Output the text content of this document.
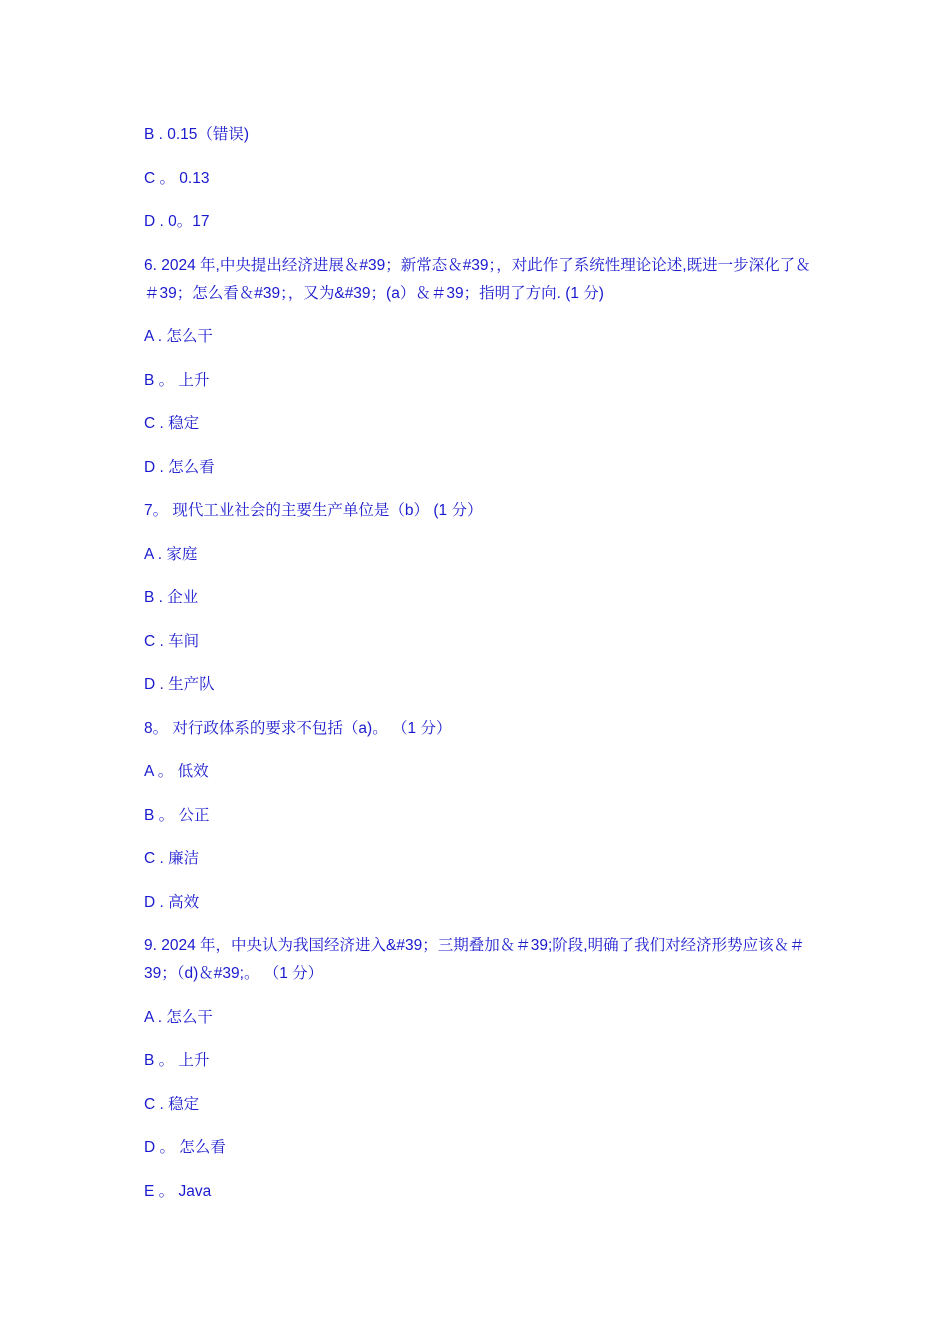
B . 0.15（错误)

C 。 0.13

D . 0。17

6. 2024 年,中央提出经济进展＆#39；新常态＆#39；，对此作了系统性理论论述,既进一步深化了＆＃39；怎么看＆#39；，又为&#39；(a）＆＃39；指明了方向. (1 分)

A . 怎么干

B 。 上升

C . 稳定

D . 怎么看

7。 现代工业社会的主要生产单位是（b） (1 分）

A . 家庭

B . 企业

C . 车间

D . 生产队

8。 对行政体系的要求不包括（a)。 （1 分）

A 。 低效

B 。 公正

C . 廉洁

D . 高效

9. 2024 年，中央认为我国经济进入&#39；三期叠加＆＃39;阶段,明确了我们对经济形势应该＆＃39；（d)＆#39;。 （1 分）

A . 怎么干

B 。 上升

C . 稳定

D 。 怎么看

E 。 Java
